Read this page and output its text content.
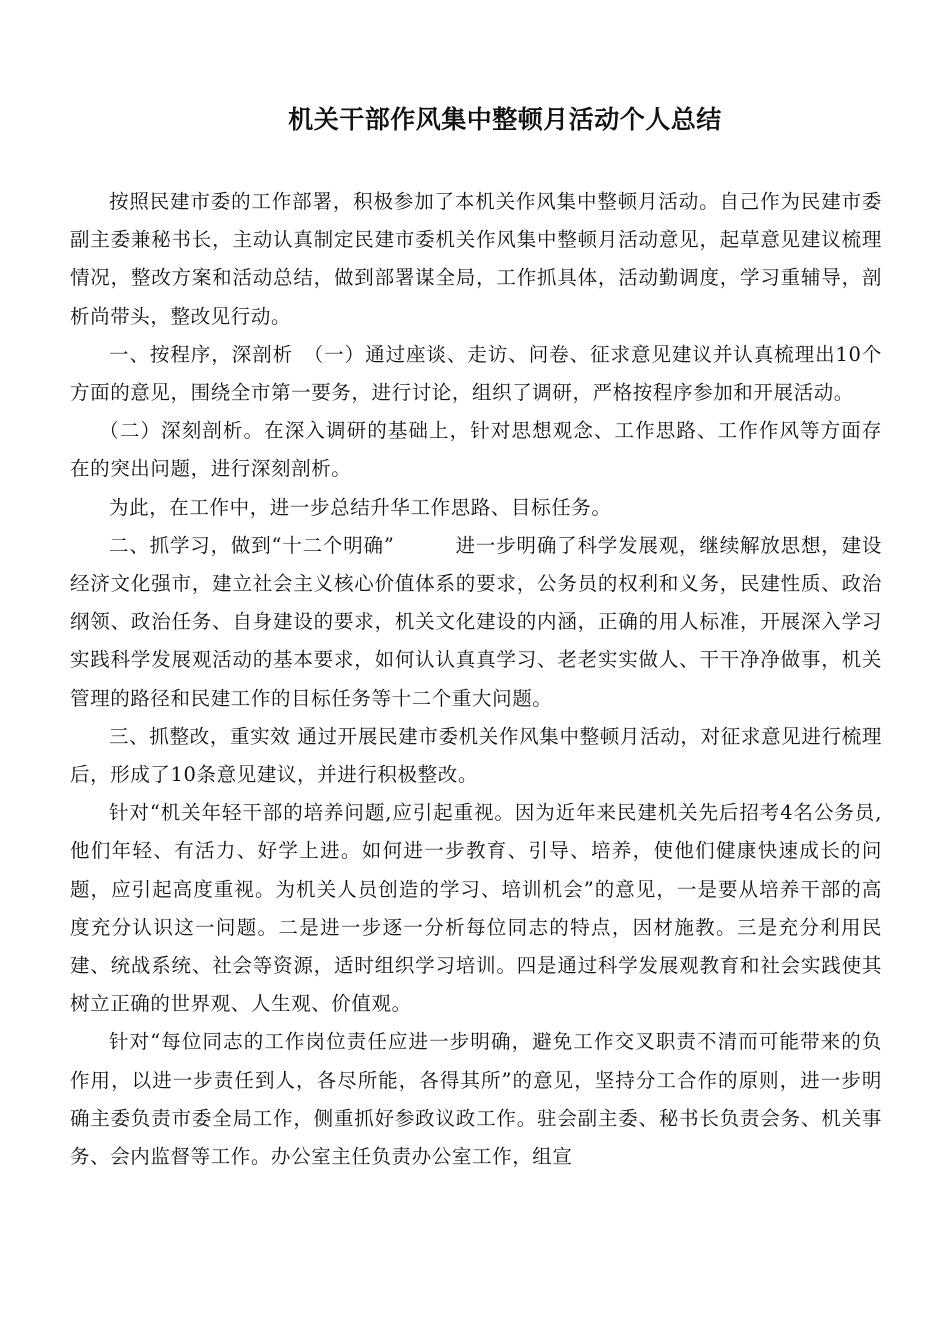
机关干部作风集中整顿月活动个人总结

按照民建市委的工作部署，积极参加了本机关作风集中整顿月活动。自己作为民建市委副主委兼秘书长，主动认真制定民建市委机关作风集中整顿月活动意见，起草意见建议梳理情况，整改方案和活动总结，做到部署谋全局，工作抓具体，活动勤调度，学习重辅导，剖析尚带头，整改见行动。

一、按程序，深剖析　（一）通过座谈、走访、问卷、征求意见建议并认真梳理出10个方面的意见，围绕全市第一要务，进行讨论，组织了调研，严格按程序参加和开展活动。

（二）深刻剖析。在深入调研的基础上，针对思想观念、工作思路、工作作风等方面存在的突出问题，进行深刻剖析。

为此，在工作中，进一步总结升华工作思路、目标任务。

二、抓学习，做到“十二个明确”　　　进一步明确了科学发展观，继续解放思想，建设经济文化强市，建立社会主义核心价值体系的要求，公务员的权利和义务，民建性质、政治纲领、政治任务、自身建设的要求，机关文化建设的内涵，正确的用人标准，开展深入学习实践科学发展观活动的基本要求，如何认认真真学习、老老实实做人、干干净净做事，机关管理的路径和民建工作的目标任务等十二个重大问题。

三、抓整改，重实效 通过开展民建市委机关作风集中整顿月活动，对征求意见进行梳理后，形成了10条意见建议，并进行积极整改。

针对“机关年轻干部的培养问题,应引起重视。因为近年来民建机关先后招考4名公务员,他们年轻、有活力、好学上进。如何进一步教育、引导、培养，使他们健康快速成长的问题，应引起高度重视。为机关人员创造的学习、培训机会”的意见，一是要从培养干部的高度充分认识这一问题。二是进一步逐一分析每位同志的特点，因材施教。三是充分利用民建、统战系统、社会等资源，适时组织学习培训。四是通过科学发展观教育和社会实践使其树立正确的世界观、人生观、价值观。

针对“每位同志的工作岗位责任应进一步明确，避免工作交叉职责不清而可能带来的负作用，以进一步责任到人，各尽所能，各得其所”的意见，坚持分工合作的原则，进一步明确主委负责市委全局工作，侧重抓好参政议政工作。驻会副主委、秘书长负责会务、机关事务、会内监督等工作。办公室主任负责办公室工作，组宣
